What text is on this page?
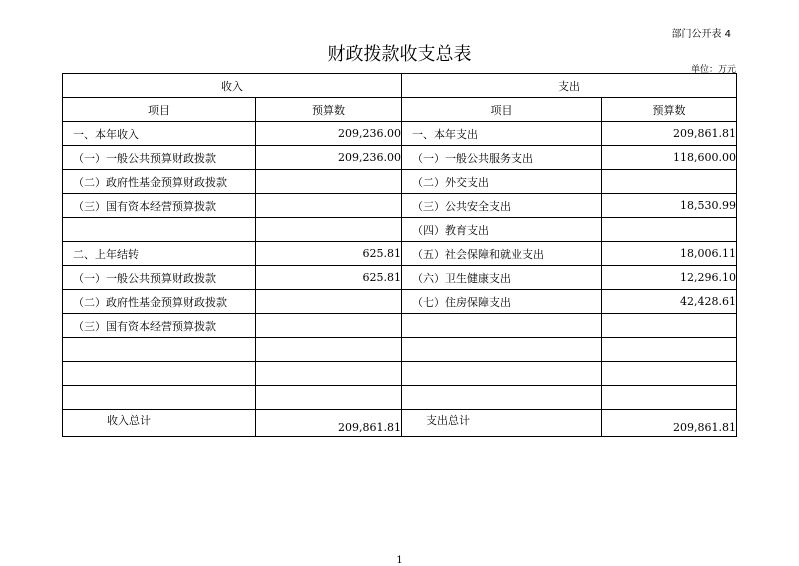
部门公开表 4
财政拨款收支总表
单位：万元
收入		支出	
项目	预算数	项目	预算数
一、本年收入	209,236.00	一、本年支出	209,861.81
（一）一般公共预算财政拨款	209,236.00	（一）一般公共服务支出	118,600.00
（二）政府性基金预算财政拨款		（二）外交支出	
（三）国有资本经营预算拨款		（三）公共安全支出	18,530.99
		（四）教育支出	
二、上年结转	625.81	（五）社会保障和就业支出	18,006.11
（一）一般公共预算财政拨款	625.81	（六）卫生健康支出	12,296.10
（二）政府性基金预算财政拨款		（七）住房保障支出	42,428.61
（三）国有资本经营预算拨款			

收入总计	209,861.81	支出总计	209,861.81
1
